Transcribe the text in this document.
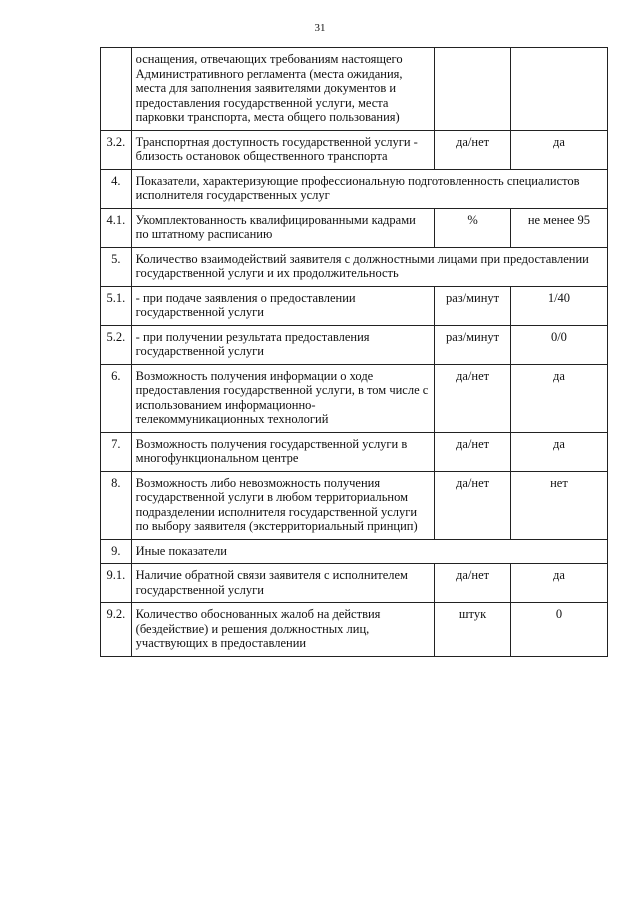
31
	оснащения, отвечающих требованиям настоящего Административного регламента (места ожидания, места для заполнения заявителями документов и предоставления государственной услуги, места парковки транспорта, места общего пользования)		
3.2.	Транспортная доступность государственной услуги - близость остановок общественного транспорта	да/нет	да
4.	Показатели, характеризующие профессиональную подготовленность специалистов исполнителя государственных услуг		
4.1.	Укомплектованность квалифицированными кадрами по штатному расписанию	%	не менее 95
5.	Количество взаимодействий заявителя с должностными лицами при предоставлении государственной услуги и их продолжительность		
5.1.	- при подаче заявления о предоставлении государственной услуги	раз/минут	1/40
5.2.	- при получении результата предоставления государственной услуги	раз/минут	0/0
6.	Возможность получения информации о ходе предоставления государственной услуги, в том числе с использованием информационно-телекоммуникационных технологий	да/нет	да
7.	Возможность получения государственной услуги в многофункциональном центре	да/нет	да
8.	Возможность либо невозможность получения государственной услуги в любом территориальном подразделении исполнителя государственной услуги по выбору заявителя (экстерриториальный принцип)	да/нет	нет
9.	Иные показатели		
9.1.	Наличие обратной связи заявителя с исполнителем государственной услуги	да/нет	да
9.2.	Количество обоснованных жалоб на действия (бездействие) и решения должностных лиц, участвующих в предоставлении	штук	0
